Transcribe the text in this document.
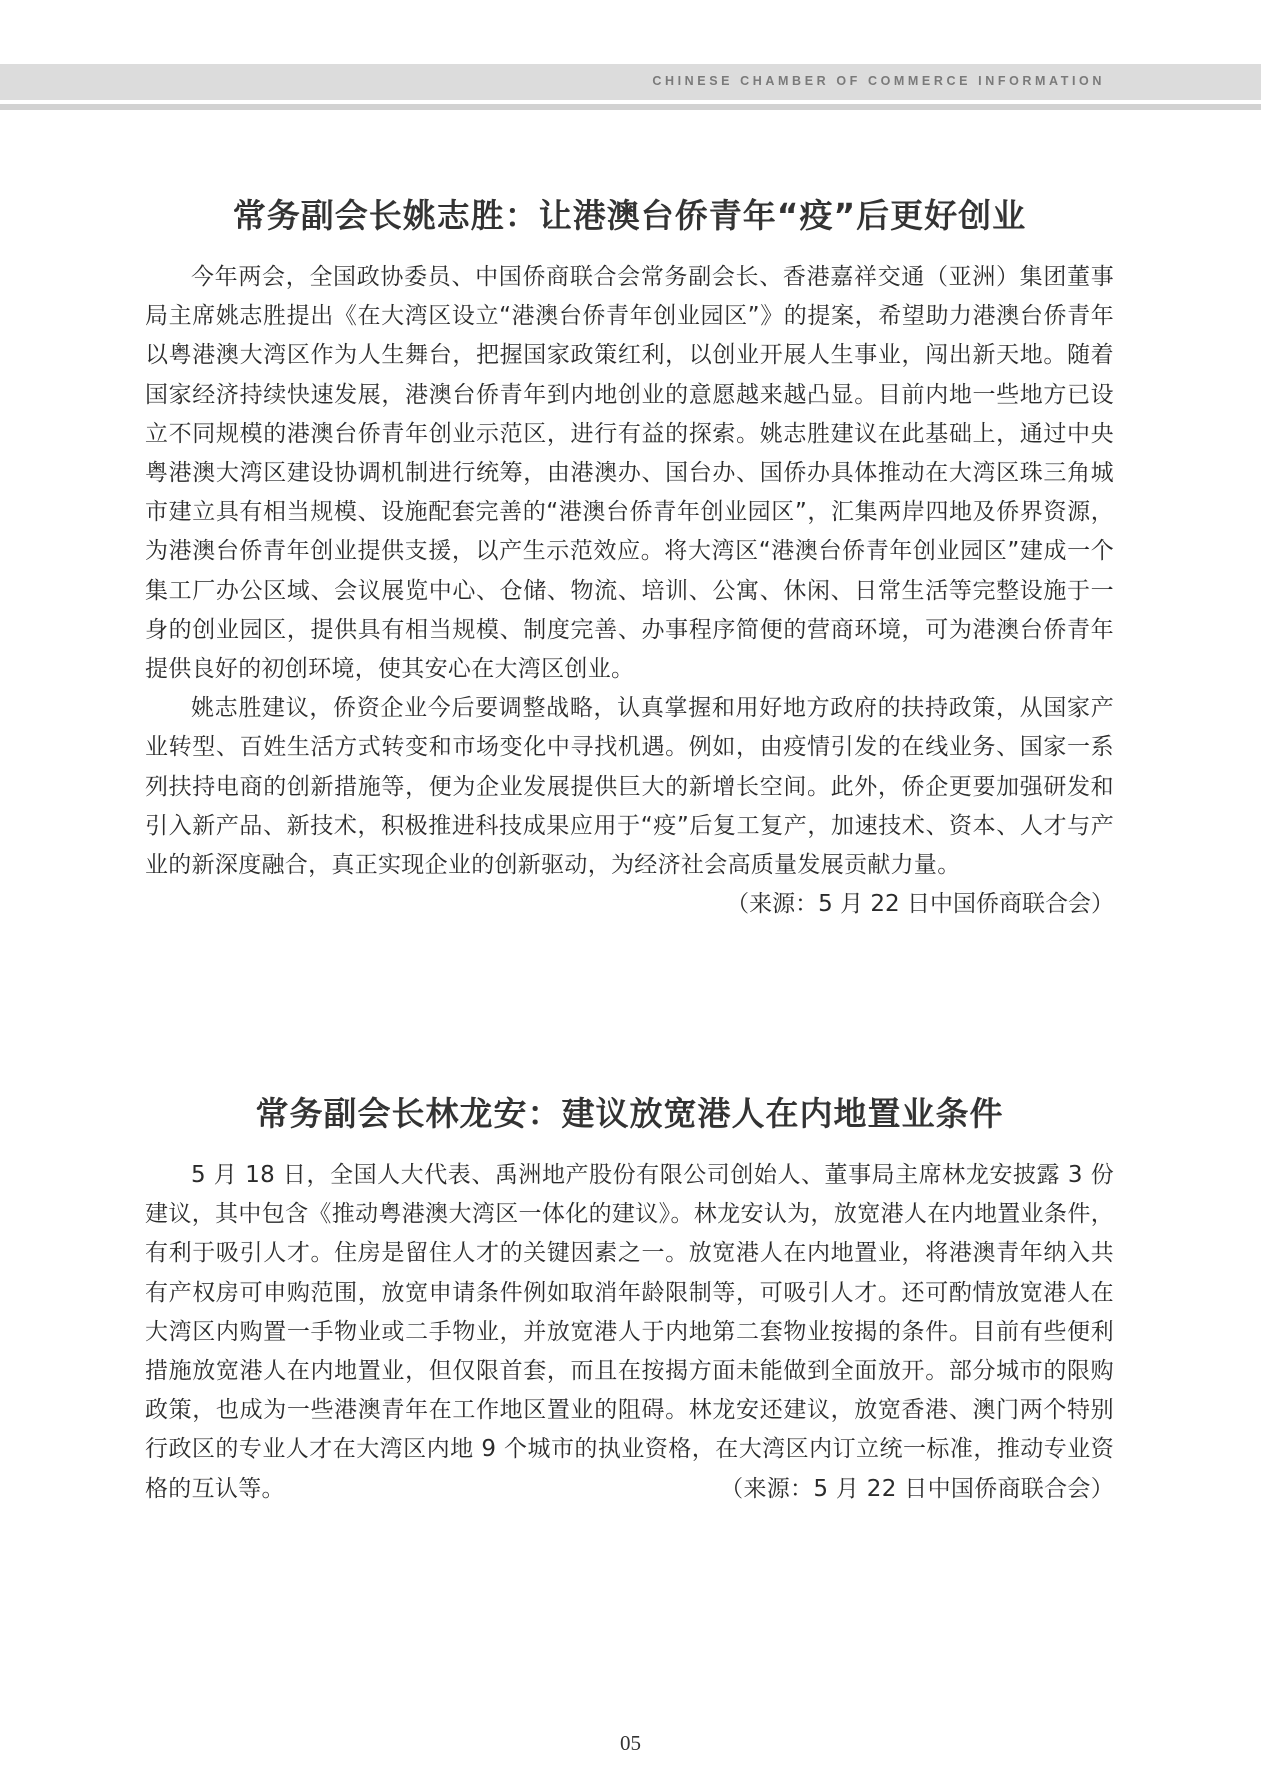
CHINESE CHAMBER OF COMMERCE INFORMATION
常务副会长姚志胜：让港澳台侨青年“疫”后更好创业

今年两会，全国政协委员、中国侨商联合会常务副会长、香港嘉祥交通（亚洲）集团董事局主席姚志胜提出《在大湾区设立“港澳台侨青年创业园区”》的提案，希望助力港澳台侨青年以粤港澳大湾区作为人生舞台，把握国家政策红利，以创业开展人生事业，闯出新天地。随着国家经济持续快速发展，港澳台侨青年到内地创业的意愿越来越凸显。目前内地一些地方已设立不同规模的港澳台侨青年创业示范区，进行有益的探索。姚志胜建议在此基础上，通过中央粤港澳大湾区建设协调机制进行统筹，由港澳办、国台办、国侨办具体推动在大湾区珠三角城市建立具有相当规模、设施配套完善的“港澳台侨青年创业园区”，汇集两岸四地及侨界资源，为港澳台侨青年创业提供支援，以产生示范效应。将大湾区“港澳台侨青年创业园区”建成一个集工厂办公区域、会议展览中心、仓储、物流、培训、公寓、休闲、日常生活等完整设施于一身的创业园区，提供具有相当规模、制度完善、办事程序简便的营商环境，可为港澳台侨青年提供良好的初创环境，使其安心在大湾区创业。

姚志胜建议，侨资企业今后要调整战略，认真掌握和用好地方政府的扶持政策，从国家产业转型、百姓生活方式转变和市场变化中寻找机遇。例如，由疫情引发的在线业务、国家一系列扶持电商的创新措施等，便为企业发展提供巨大的新增长空间。此外，侨企更要加强研发和引入新产品、新技术，积极推进科技成果应用于“疫”后复工复产，加速技术、资本、人才与产业的新深度融合，真正实现企业的创新驱动，为经济社会高质量发展贡献力量。

（来源：5 月 22 日中国侨商联合会）
常务副会长林龙安：建议放宽港人在内地置业条件

5 月 18 日，全国人大代表、禹洲地产股份有限公司创始人、董事局主席林龙安披露 3 份建议，其中包含《推动粤港澳大湾区一体化的建议》。林龙安认为，放宽港人在内地置业条件，有利于吸引人才。住房是留住人才的关键因素之一。放宽港人在内地置业，将港澳青年纳入共有产权房可申购范围，放宽申请条件例如取消年龄限制等，可吸引人才。还可酌情放宽港人在大湾区内购置一手物业或二手物业，并放宽港人于内地第二套物业按揭的条件。目前有些便利措施放宽港人在内地置业，但仅限首套，而且在按揭方面未能做到全面放开。部分城市的限购政策，也成为一些港澳青年在工作地区置业的阻碍。林龙安还建议，放宽香港、澳门两个特别行政区的专业人才在大湾区内地 9 个城市的执业资格，在大湾区内订立统一标准，推动专业资格的互认等。	（来源：5 月 22 日中国侨商联合会）

05
